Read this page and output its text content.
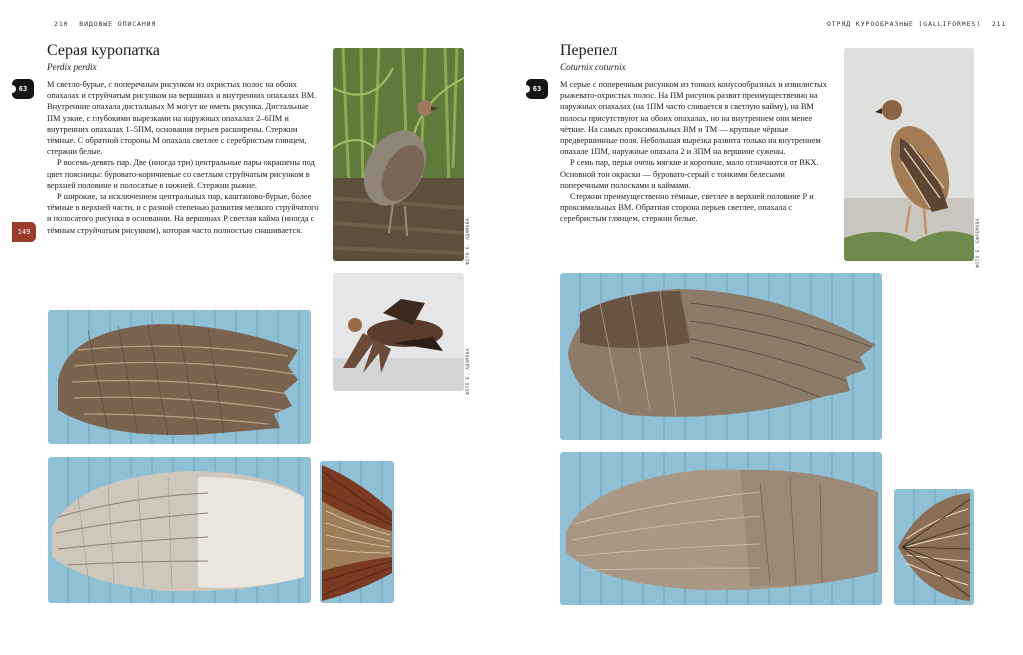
210 ВИДОВЫЕ ОПИСАНИЯ
63
149
Серая куропатка
Perdix perdix

М светло-бурые, с поперечным рисунком из охристых полос на обоих опахалах и струйчатым рисунком на вершинах и внутренних опахалах ВМ. Внутренние опахала дистальных М могут не иметь рисунка. Дистальные ПМ узкие, с глубокими вырезками на наружных опахалах 2–6ПМ и внутренних опахалах 1–5ПМ, основания перьев расширены. Стержни тёмные. С обратной стороны М опахала светлее с серебристым глянцем, стержни белые.

Р восемь-девять пар. Две (иногда три) центральные пары окрашены под цвет поясницы: буровато-коричневые со светлым струйчатым рисунком в верхней половине и полосатые в нижней. Стержни рыжие.

Р широкие, за исключением центральных пар, каштаново-бурые, более тёмные в верхней части, и с разной степенью развития мелкого струйчатого и полосатого рисунка в основании. На вершинах Р светлая кайма (иногда с тёмным струйчатым рисунком), которая часто полностью снашивается.	ФОТО Е. АДАМОВА
ФОТО Е. АДАМОВА
ОТРЯД КУРООБРАЗНЫЕ (GALLIFORMES) 211
63
Перепел
Coturnix coturnix

М серые с поперечным рисунком из тонких конусообразных и извилистых рыжевато-охристых полос. На ПМ рисунок развит преимущественно на наружных опахалах (на 1ПМ часто сливается в светлую кайму), на ВМ полосы присутствуют на обоих опахалах, но на внутреннем они менее чёткие. На самых проксимальных ВМ и ТМ — крупные чёрные предвершинные поля. Небольшая вырезка развита только на внутреннем опахале 1ПМ, наружные опахала 2 и 3ПМ на вершине сужены.

Р семь пар, перья очень мягкие и короткие, мало отличаются от ВКХ. Основной тон окраски — буровато-серый с тонкими белесыми поперечными полосками и каймами.

Стержни преимущественно тёмные, светлее в верхней половине Р и проксимальных ВМ. Обратная сторона перьев светлее, опахала с серебристым глянцем, стержни белые.	ФОТО Е. ЕФРЕМОВА
